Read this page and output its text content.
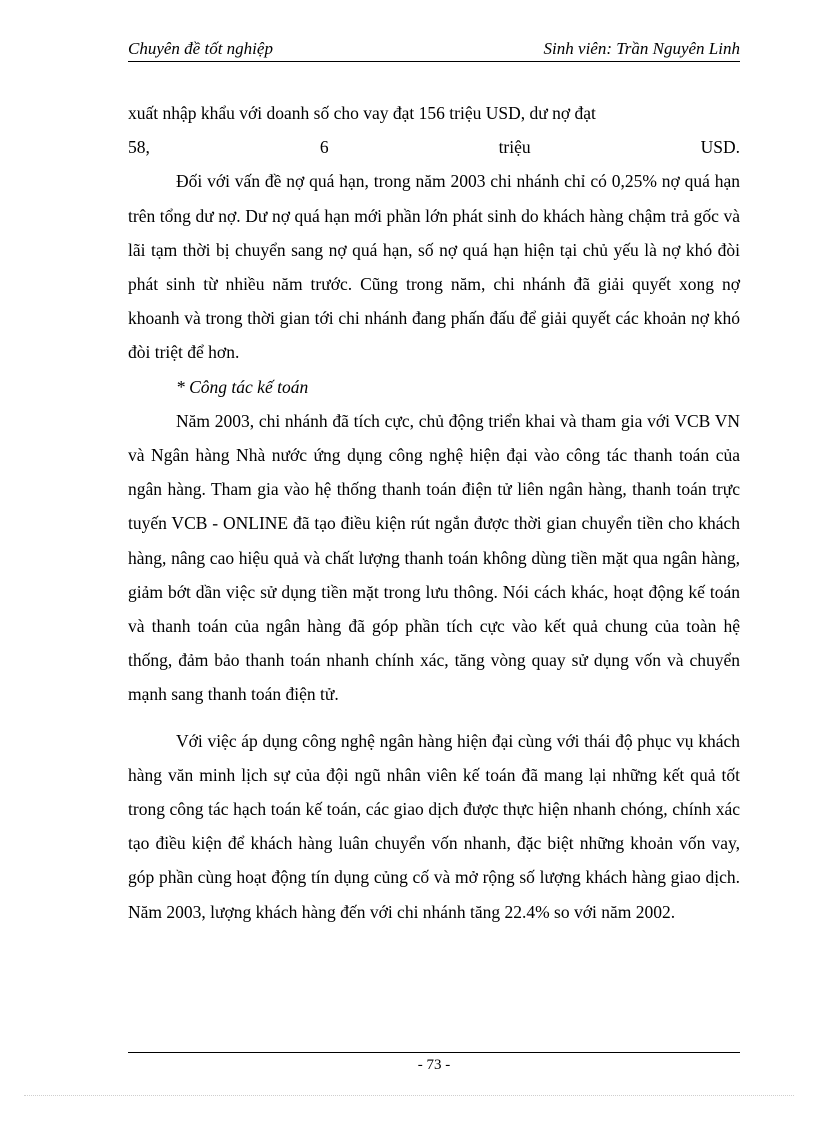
Chuyên đề tốt nghiệp	Sinh viên: Trần Nguyên Linh

xuất nhập khẩu với doanh số cho vay đạt 156 triệu USD, dư nợ đạt

58, 6 triệu USD.

Đối với vấn đề nợ quá hạn, trong năm 2003 chi nhánh chỉ có 0,25% nợ quá hạn trên tổng dư nợ. Dư nợ quá hạn mới phần lớn phát sinh do khách hàng chậm trả gốc và lãi tạm thời bị chuyển sang nợ quá hạn, số nợ quá hạn hiện tại chủ yếu là nợ khó đòi phát sinh từ nhiều năm trước. Cũng trong năm, chi nhánh đã giải quyết xong nợ khoanh và trong thời gian tới chi nhánh đang phấn đấu để giải quyết các khoản nợ khó đòi triệt để hơn.

* Công tác kế toán

Năm 2003, chi nhánh đã tích cực, chủ động triển khai và tham gia với VCB VN và Ngân hàng Nhà nước ứng dụng công nghệ hiện đại vào công tác thanh toán của ngân hàng. Tham gia vào hệ thống thanh toán điện tử liên ngân hàng, thanh toán trực tuyến VCB - ONLINE đã tạo điều kiện rút ngắn được thời gian chuyển tiền cho khách hàng, nâng cao hiệu quả và chất lượng thanh toán không dùng tiền mặt qua ngân hàng, giảm bớt dần việc sử dụng tiền mặt trong lưu thông. Nói cách khác, hoạt động kế toán và thanh toán của ngân hàng đã góp phần tích cực vào kết quả chung của toàn hệ thống, đảm bảo thanh toán nhanh chính xác, tăng vòng quay sử dụng vốn và chuyển mạnh sang thanh toán điện tử.

Với việc áp dụng công nghệ ngân hàng hiện đại cùng với thái độ phục vụ khách hàng văn minh lịch sự của đội ngũ nhân viên kế toán đã mang lại những kết quả tốt trong công tác hạch toán kế toán, các giao dịch được thực hiện nhanh chóng, chính xác tạo điều kiện để khách hàng luân chuyển vốn nhanh, đặc biệt những khoản vốn vay, góp phần cùng hoạt động tín dụng củng cố và mở rộng số lượng khách hàng giao dịch. Năm 2003, lượng khách hàng đến với chi nhánh tăng 22.4% so với năm 2002.

- 73 -
